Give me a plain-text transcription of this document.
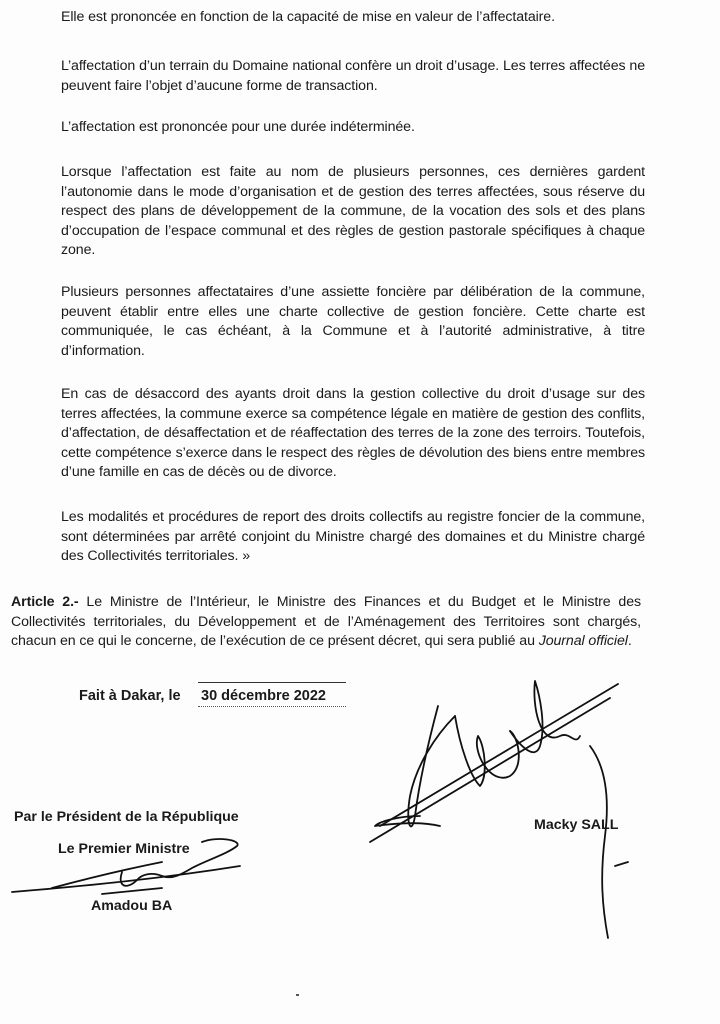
Elle est prononcée en fonction de la capacité de mise en valeur de l’affectataire.

L’affectation d’un terrain du Domaine national confère un droit d’usage. Les terres affectées ne peuvent faire l’objet d’aucune forme de transaction.

L’affectation est prononcée pour une durée indéterminée.

Lorsque l’affectation est faite au nom de plusieurs personnes, ces dernières gardent l’autonomie dans le mode d’organisation et de gestion des terres affectées, sous réserve du respect des plans de développement de la commune, de la vocation des sols et des plans d’occupation de l’espace communal et des règles de gestion pastorale spécifiques à chaque zone.

Plusieurs personnes affectataires d’une assiette foncière par délibération de la commune, peuvent établir entre elles une charte collective de gestion foncière. Cette charte est communiquée, le cas échéant, à la Commune et à l’autorité administrative, à titre d’information.

En cas de désaccord des ayants droit dans la gestion collective du droit d’usage sur des terres affectées, la commune exerce sa compétence légale en matière de gestion des conflits, d’affectation, de désaffectation et de réaffectation des terres de la zone des terroirs. Toutefois, cette compétence s’exerce dans le respect des règles de dévolution des biens entre membres d’une famille en cas de décès ou de divorce.

Les modalités et procédures de report des droits collectifs au registre foncier de la commune, sont déterminées par arrêté conjoint du Ministre chargé des domaines et du Ministre chargé des Collectivités territoriales. »

Article 2.- Le Ministre de l’Intérieur, le Ministre des Finances et du Budget et le Ministre des Collectivités territoriales, du Développement et de l’Aménagement des Territoires sont chargés, chacun en ce qui le concerne, de l’exécution de ce présent décret, qui sera publié au Journal officiel.

Fait à Dakar, le 30 décembre 2022
Par le Président de la République	Macky SALL
Le Premier Ministre
Amadou BA
